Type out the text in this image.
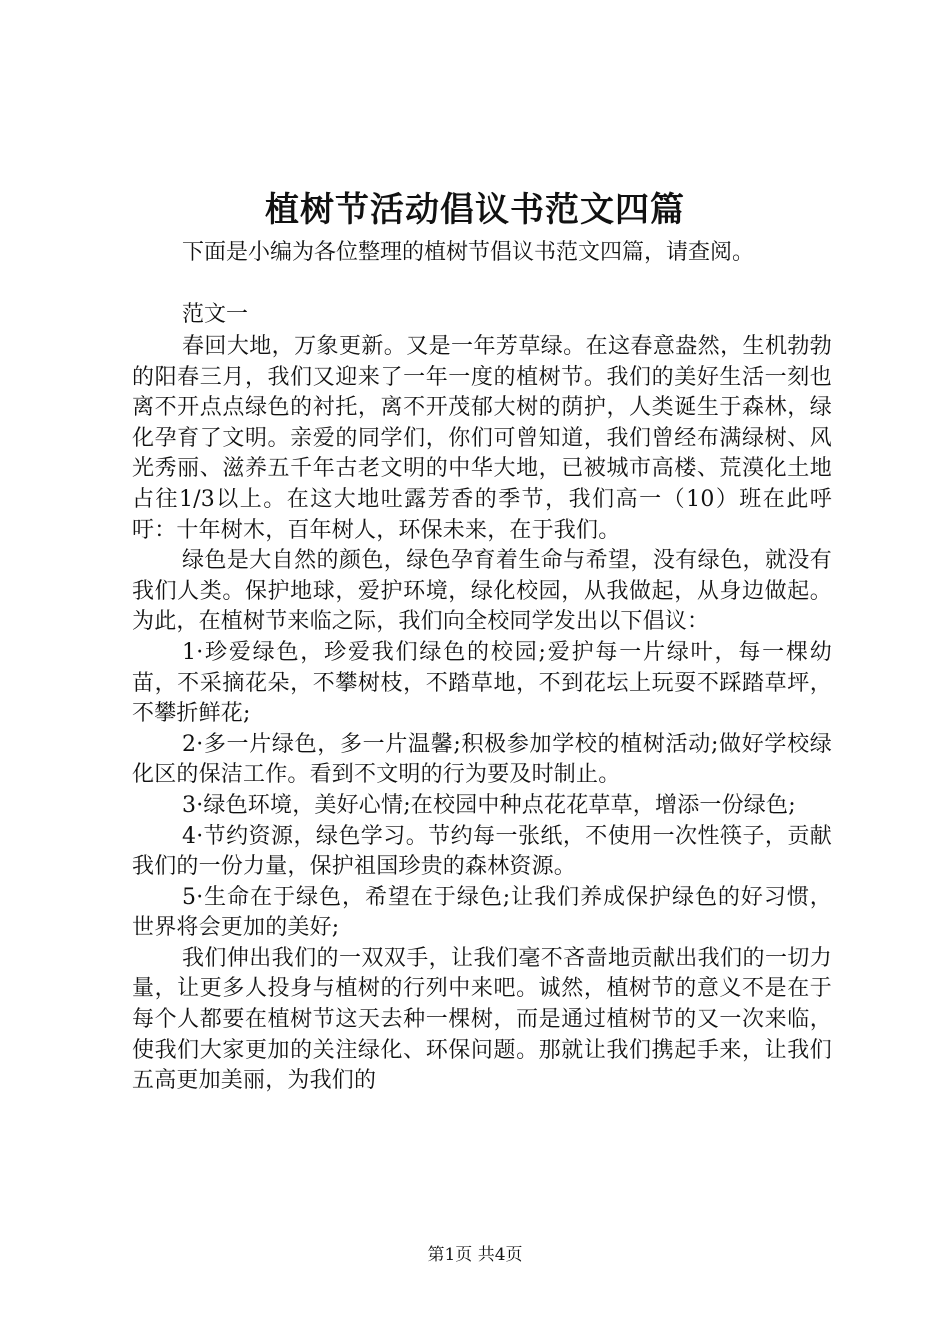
植树节活动倡议书范文四篇
下面是小编为各位整理的植树节倡议书范文四篇，请查阅。
范文一

春回大地，万象更新。又是一年芳草绿。在这春意盎然，生机勃勃的阳春三月，我们又迎来了一年一度的植树节。我们的美好生活一刻也离不开点点绿色的衬托，离不开茂郁大树的荫护，人类诞生于森林，绿化孕育了文明。亲爱的同学们，你们可曾知道，我们曾经布满绿树、风光秀丽、滋养五千年古老文明的中华大地，已被城市高楼、荒漠化土地占往1/3以上。在这大地吐露芳香的季节，我们高一（10）班在此呼吁：十年树木，百年树人，环保未来，在于我们。

绿色是大自然的颜色，绿色孕育着生命与希望，没有绿色，就没有我们人类。保护地球，爱护环境，绿化校园，从我做起，从身边做起。为此，在植树节来临之际，我们向全校同学发出以下倡议：

1·珍爱绿色，珍爱我们绿色的校园;爱护每一片绿叶，每一棵幼苗，不采摘花朵，不攀树枝，不踏草地，不到花坛上玩耍不踩踏草坪，不攀折鲜花;

2·多一片绿色，多一片温馨;积极参加学校的植树活动;做好学校绿化区的保洁工作。看到不文明的行为要及时制止。

3·绿色环境，美好心情;在校园中种点花花草草，增添一份绿色;

4·节约资源，绿色学习。节约每一张纸，不使用一次性筷子，贡献我们的一份力量，保护祖国珍贵的森林资源。

5·生命在于绿色，希望在于绿色;让我们养成保护绿色的好习惯，世界将会更加的美好;

我们伸出我们的一双双手，让我们毫不吝啬地贡献出我们的一切力量，让更多人投身与植树的行列中来吧。诚然，植树节的意义不是在于每个人都要在植树节这天去种一棵树，而是通过植树节的又一次来临，使我们大家更加的关注绿化、环保问题。那就让我们携起手来，让我们五高更加美丽，为我们的

第1页 共4页
